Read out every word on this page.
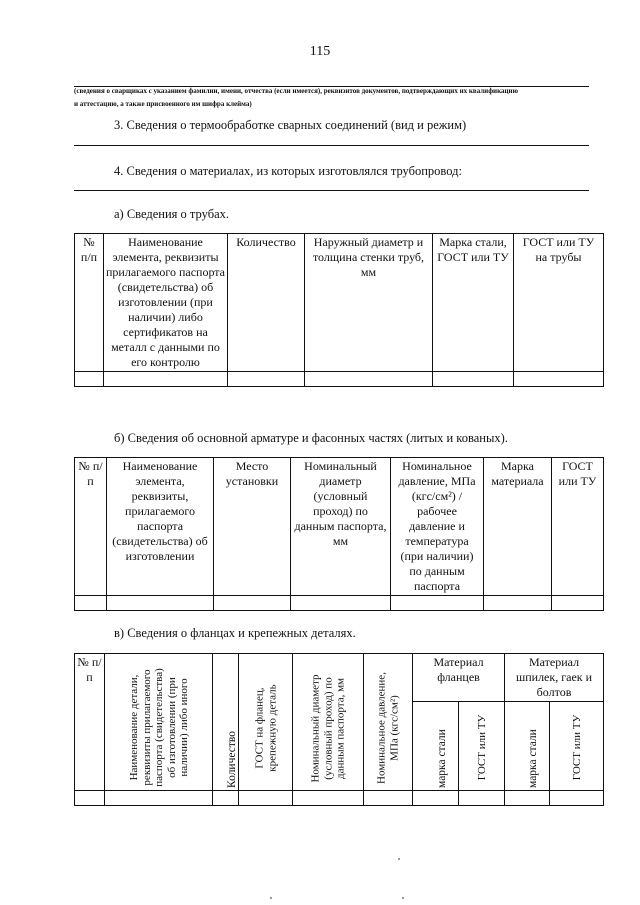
115
(сведения о сварщиках с указанием фамилии, имени, отчества (если имеется), реквизитов документов, подтверждающих их квалификацию
и аттестацию, а также присвоенного им шифра клейма)
3. Сведения о термообработке сварных соединений (вид и режим)
4. Сведения о материалах, из которых изготовлялся трубопровод:
а) Сведения о трубах.
№ п/п	Наименование элемента, реквизиты прилагаемого паспорта (свидетельства) об изготовлении (при наличии) либо сертификатов на металл с данными по его контролю	Количество	Наружный диаметр и толщина стенки труб, мм	Марка стали, ГОСТ или ТУ	ГОСТ или ТУ на трубы

б) Сведения об основной арматуре и фасонных частях (литых и кованых).
№ п/п	Наименование элемента, реквизиты, прилагаемого паспорта (свидетельства) об изготовлении	Место установки	Номинальный диаметр (условный проход) по данным паспорта, мм	Номинальное давление, МПа (кгс/см²) / рабочее давление и температура (при наличии) по данным паспорта	Марка материала	ГОСТ или ТУ

в) Сведения о фланцах и крепежных деталях.
№ п/п	Наименование детали, реквизиты прилагаемого паспорта (свидетельства) об изготовлении (при наличии) либо иного	Количество	ГОСТ на фланец, крепежную деталь	Номинальный диаметр (условный проход) по данным паспорта, мм	Номинальное давление, МПа (кгс/см²)	Материал фланцев		Материал шпилек, гаек и болтов	

						марка стали	ГОСТ или ТУ	марка стали	ГОСТ или ТУ
